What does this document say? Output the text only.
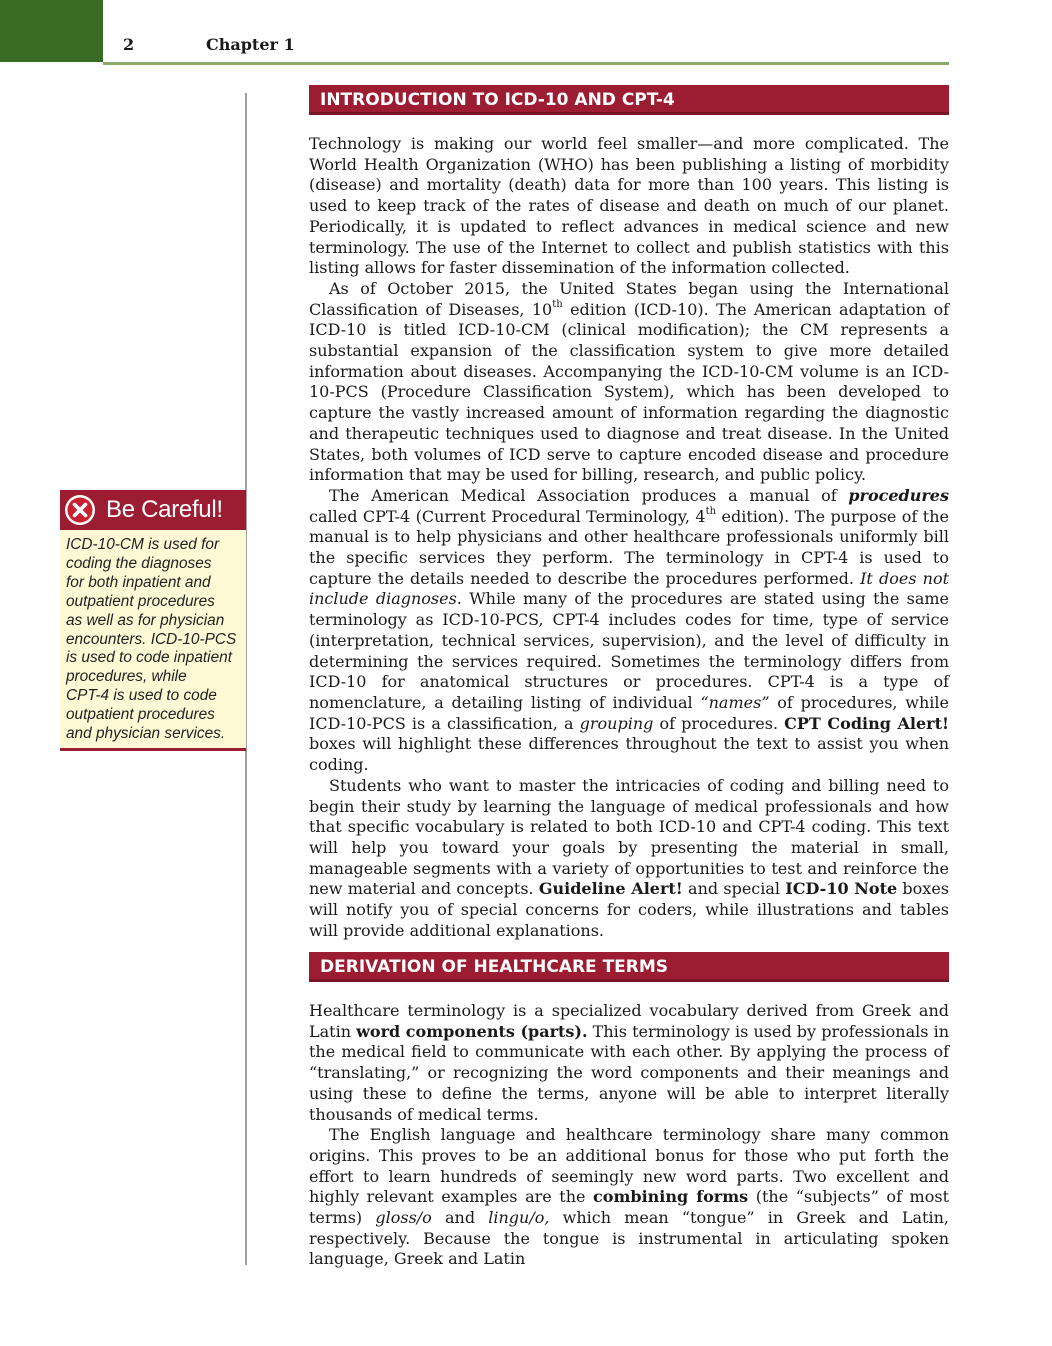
2	Chapter 1
Be Careful!
ICD-10-CM is used for
coding the diagnoses
for both inpatient and
outpatient procedures
as well as for physician
encounters. ICD-10-PCS
is used to code inpatient
procedures, while
CPT-4 is used to code
outpatient procedures
and physician services.
INTRODUCTION TO ICD-10 AND CPT-4

Technology is making our world feel smaller—and more complicated. The World Health Organization (WHO) has been publishing a listing of morbidity (disease) and mortality (death) data for more than 100 years. This listing is used to keep track of the rates of disease and death on much of our planet. Periodically, it is updated to reflect advances in medical science and new terminology. The use of the Internet to collect and publish statistics with this listing allows for faster dissemination of the information collected.

As of October 2015, the United States began using the International Classification of Diseases, 10th edition (ICD-10). The American adaptation of ICD-10 is titled ICD-10-CM (clinical modification); the CM represents a substantial expansion of the classification system to give more detailed information about diseases. Accompanying the ICD-10-CM volume is an ICD-10-PCS (Procedure Classification System), which has been developed to capture the vastly increased amount of information regarding the diagnostic and therapeutic techniques used to diagnose and treat disease. In the United States, both volumes of ICD serve to capture encoded disease and procedure information that may be used for billing, research, and public policy.

The American Medical Association produces a manual of procedures called CPT-4 (Current Procedural Terminology, 4th edition). The purpose of the manual is to help physicians and other healthcare professionals uniformly bill the specific services they perform. The terminology in CPT-4 is used to capture the details needed to describe the procedures performed. It does not include diagnoses. While many of the procedures are stated using the same terminology as ICD-10-PCS, CPT-4 includes codes for time, type of service (interpretation, technical services, supervision), and the level of difficulty in determining the services required. Sometimes the terminology differs from ICD-10 for anatomical structures or procedures. CPT-4 is a type of nomenclature, a detailing listing of individual “names” of procedures, while ICD-10-PCS is a classification, a grouping of procedures. CPT Coding Alert! boxes will highlight these differences throughout the text to assist you when coding.

Students who want to master the intricacies of coding and billing need to begin their study by learning the language of medical professionals and how that specific vocabulary is related to both ICD-10 and CPT-4 coding. This text will help you toward your goals by presenting the material in small, manageable segments with a variety of opportunities to test and reinforce the new material and concepts. Guideline Alert! and special ICD-10 Note boxes will notify you of special concerns for coders, while illustrations and tables will provide additional explanations.

DERIVATION OF HEALTHCARE TERMS

Healthcare terminology is a specialized vocabulary derived from Greek and Latin word components (parts). This terminology is used by professionals in the medical field to communicate with each other. By applying the process of “translating,” or recognizing the word components and their meanings and using these to define the terms, anyone will be able to interpret literally thousands of medical terms.

The English language and healthcare terminology share many common origins. This proves to be an additional bonus for those who put forth the effort to learn hundreds of seemingly new word parts. Two excellent and highly relevant examples are the combining forms (the “subjects” of most terms) gloss/o and lingu/o, which mean “tongue” in Greek and Latin, respectively. Because the tongue is instrumental in articulating spoken language, Greek and Latin
